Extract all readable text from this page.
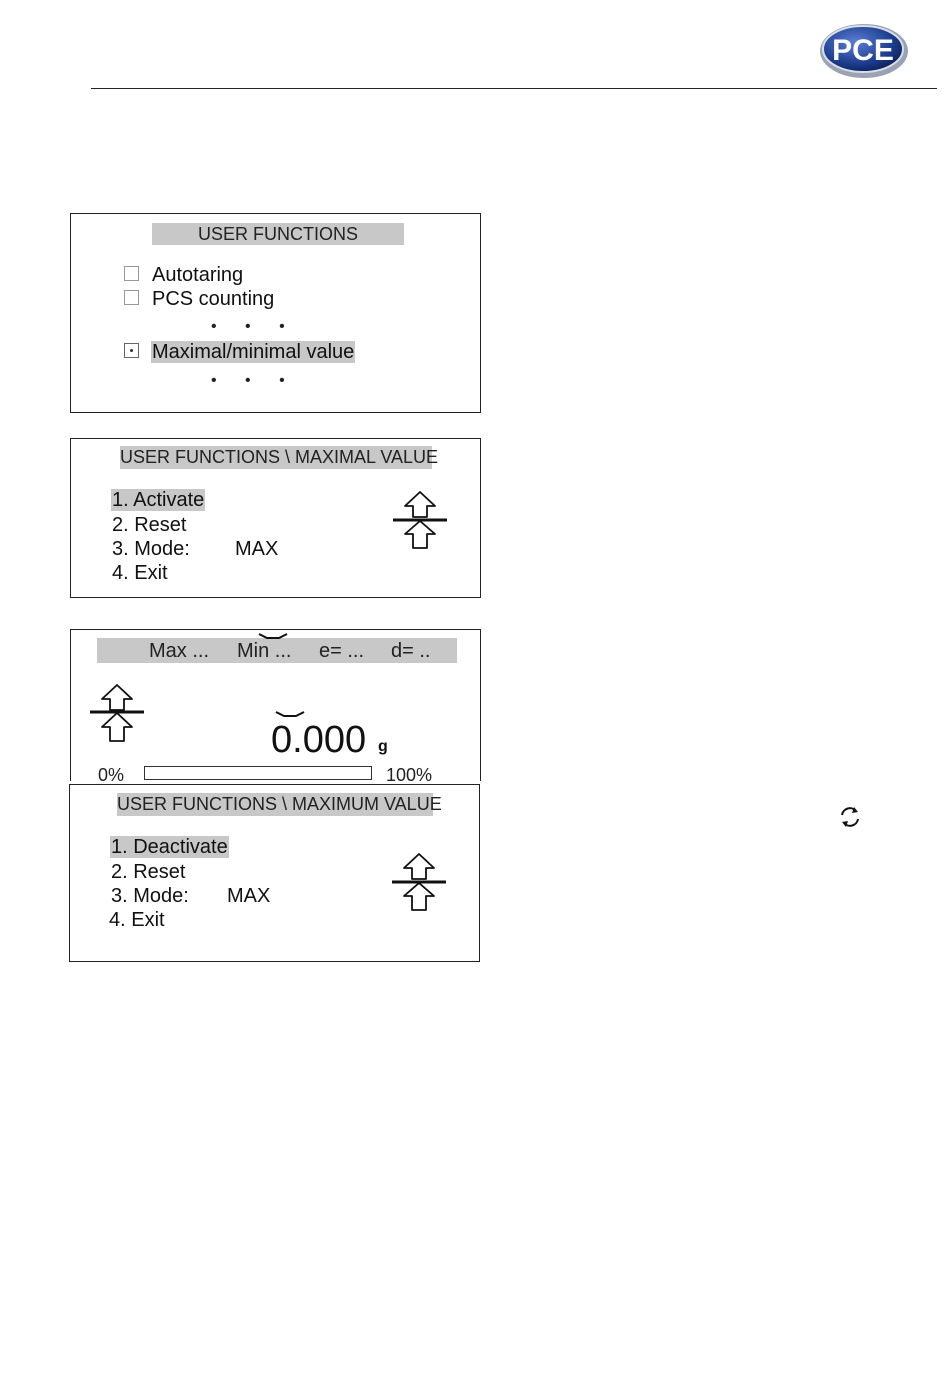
PCE
USER FUNCTIONS
Autotaring
PCS counting
• • •
Maximal/minimal value
• • •
USER FUNCTIONS \ MAXIMAL VALUE
1. Activate
2. Reset
3. Mode: MAX
4. Exit
Max ... Min ... e= ... d= ..
0.000 g
0%	100%
USER FUNCTIONS \ MAXIMUM VALUE
1. Deactivate
2. Reset
3. Mode: MAX
4. Exit
